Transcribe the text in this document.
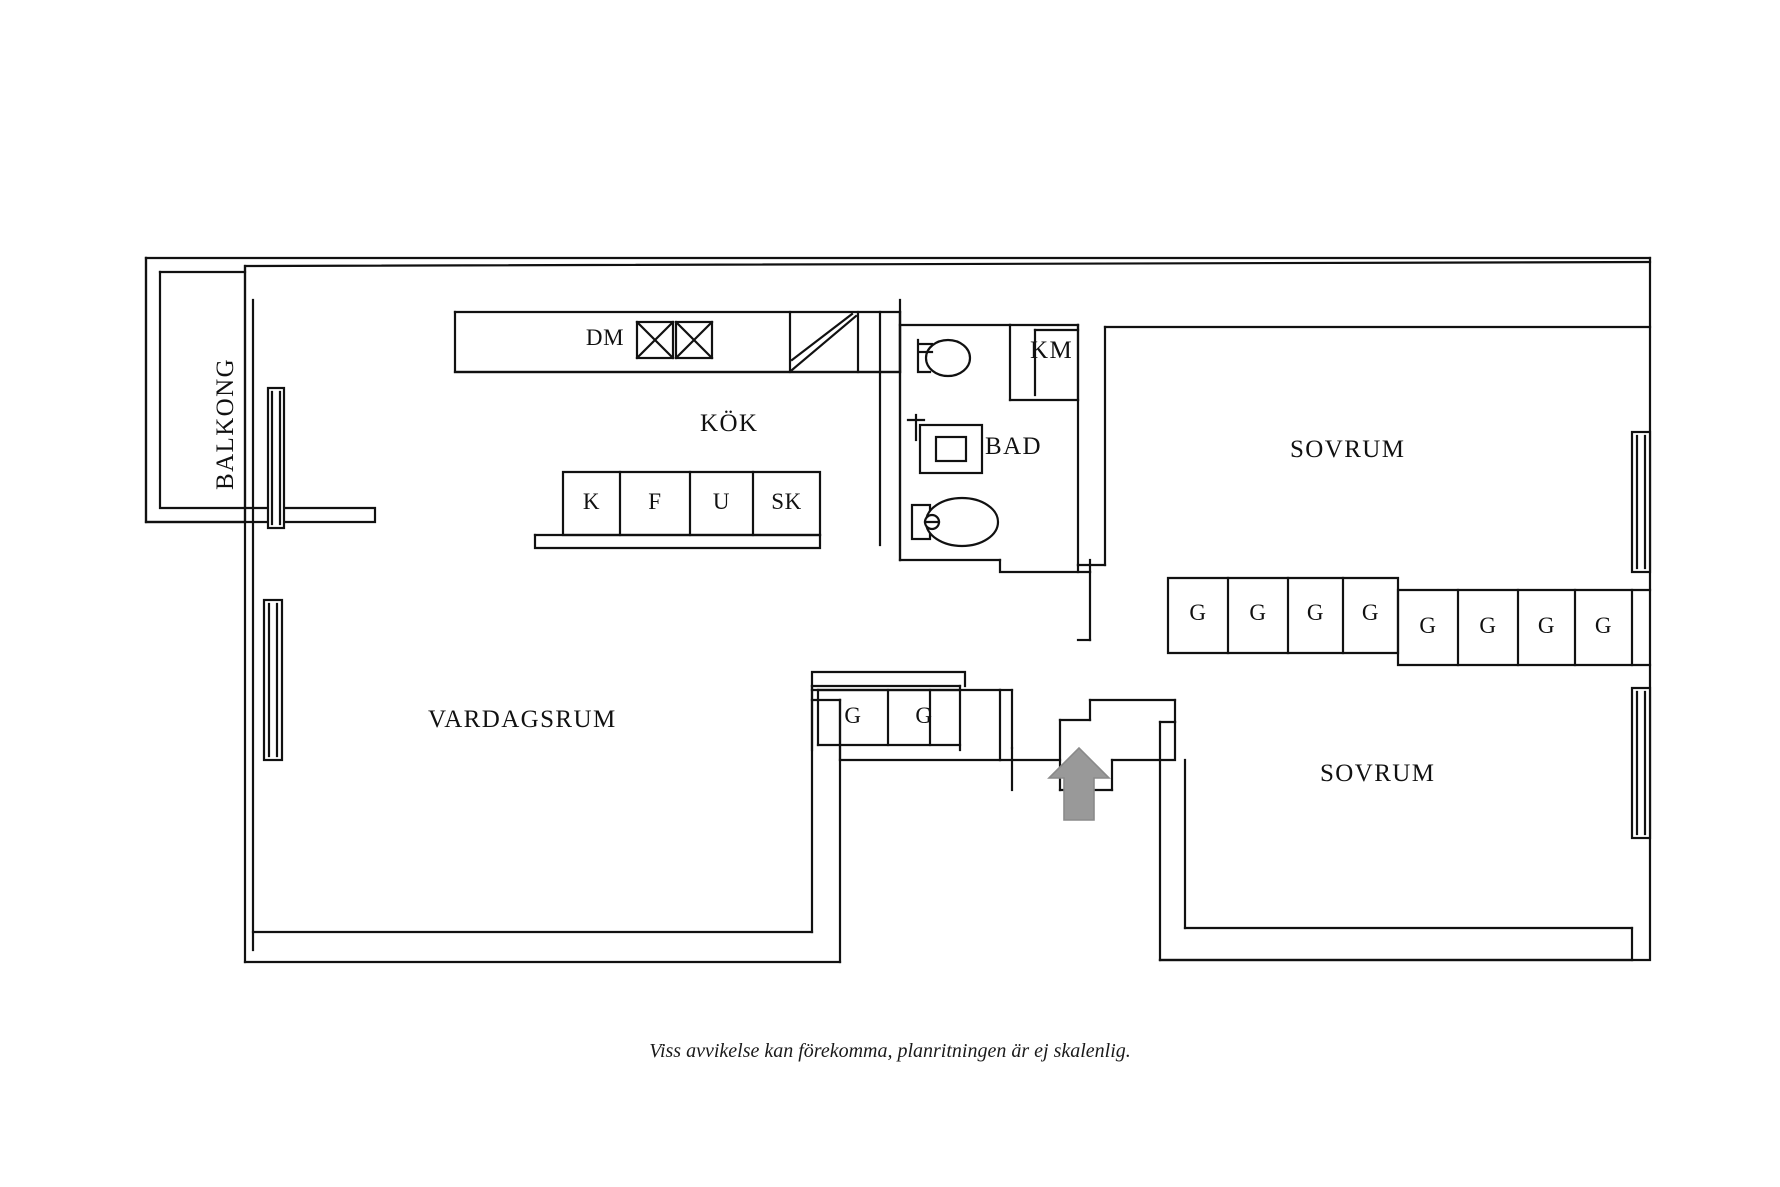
BALKONG	KÖK
BAD
KM
SOVRUM
SOVRUM
VARDAGSRUM
DM
K	F	U	SK
G	G	G	G
G	G	G	G
G	G
Viss avvikelse kan förekomma, planritningen är ej skalenlig.
